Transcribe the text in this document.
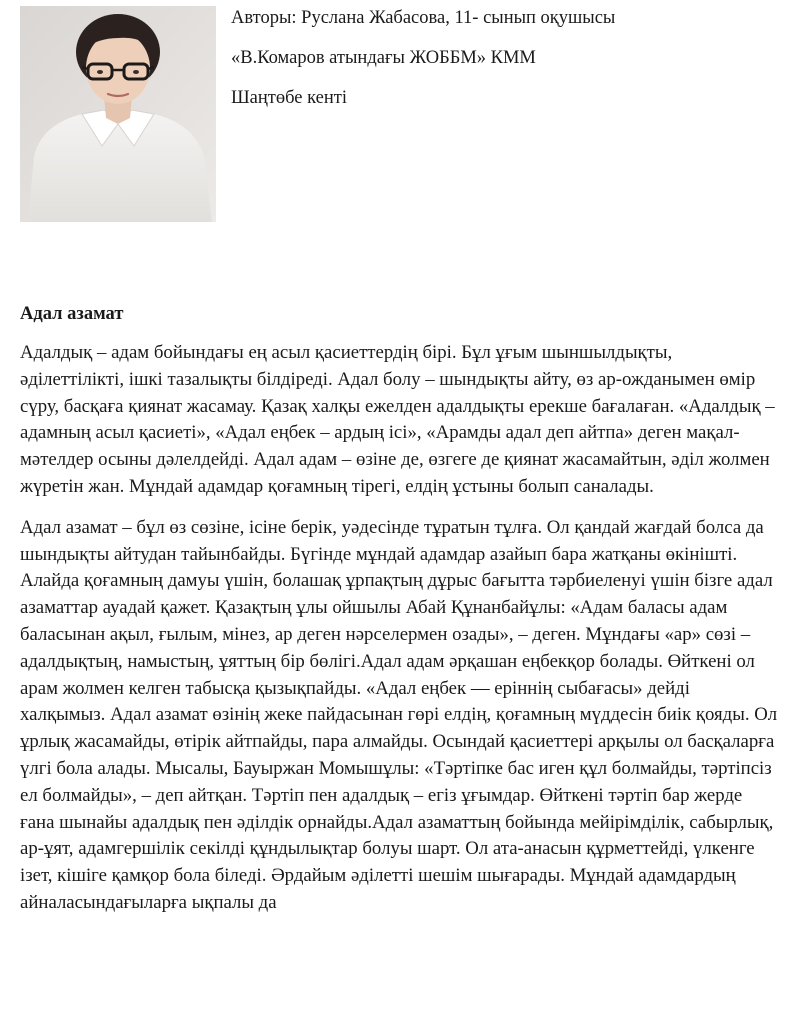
Авторы: Руслана Жабасова, 11- сынып оқушысы

«В.Комаров атындағы ЖОББМ» КММ

Шаңтөбе кенті

Адал азамат

Адалдық – адам бойындағы ең асыл қасиеттердің бірі. Бұл ұғым шыншылдықты, әділеттілікті, ішкі тазалықты білдіреді. Адал болу – шындықты айту, өз ар-ожданымен өмір сүру, басқаға қиянат жасамау. Қазақ халқы ежелден адалдықты ерекше бағалаған. «Адалдық – адамның асыл қасиеті», «Адал еңбек – ардың ісі», «Арамды адал деп айтпа» деген мақал-мәтелдер осыны дәлелдейді. Адал адам – өзіне де, өзгеге де қиянат жасамайтын, әділ жолмен жүретін жан. Мұндай адамдар қоғамның тірегі, елдің ұстыны болып саналады.

Адал азамат – бұл өз сөзіне, ісіне берік, уәдесінде тұратын тұлға. Ол қандай жағдай болса да шындықты айтудан тайынбайды. Бүгінде мұндай адамдар азайып бара жатқаны өкінішті. Алайда қоғамның дамуы үшін, болашақ ұрпақтың дұрыс бағытта тәрбиеленуі үшін бізге адал азаматтар ауадай қажет. Қазақтың ұлы ойшылы Абай Құнанбайұлы: «Адам баласы адам баласынан ақыл, ғылым, мінез, ар деген нәрселермен озады», – деген. Мұндағы «ар» сөзі – адалдықтың, намыстың, ұяттың бір бөлігі.Адал адам әрқашан еңбекқор болады. Өйткені ол арам жолмен келген табысқа қызықпайды. «Адал еңбек — еріннің сыбағасы» дейді халқымыз. Адал азамат өзінің жеке пайдасынан гөрі елдің, қоғамның мүддесін биік қояды. Ол ұрлық жасамайды, өтірік айтпайды, пара алмайды. Осындай қасиеттері арқылы ол басқаларға үлгі бола алады. Мысалы, Бауыржан Момышұлы: «Тәртіпке бас иген құл болмайды, тәртіпсіз ел болмайды», – деп айтқан. Тәртіп пен адалдық – егіз ұғымдар. Өйткені тәртіп бар жерде ғана шынайы адалдық пен әділдік орнайды.Адал азаматтың бойында мейірімділік, сабырлық, ар-ұят, адамгершілік секілді құндылықтар болуы шарт. Ол ата-анасын құрметтейді, үлкенге ізет, кішіге қамқор бола біледі. Әрдайым әділетті шешім шығарады. Мұндай адамдардың айналасындағыларға ықпалы да
